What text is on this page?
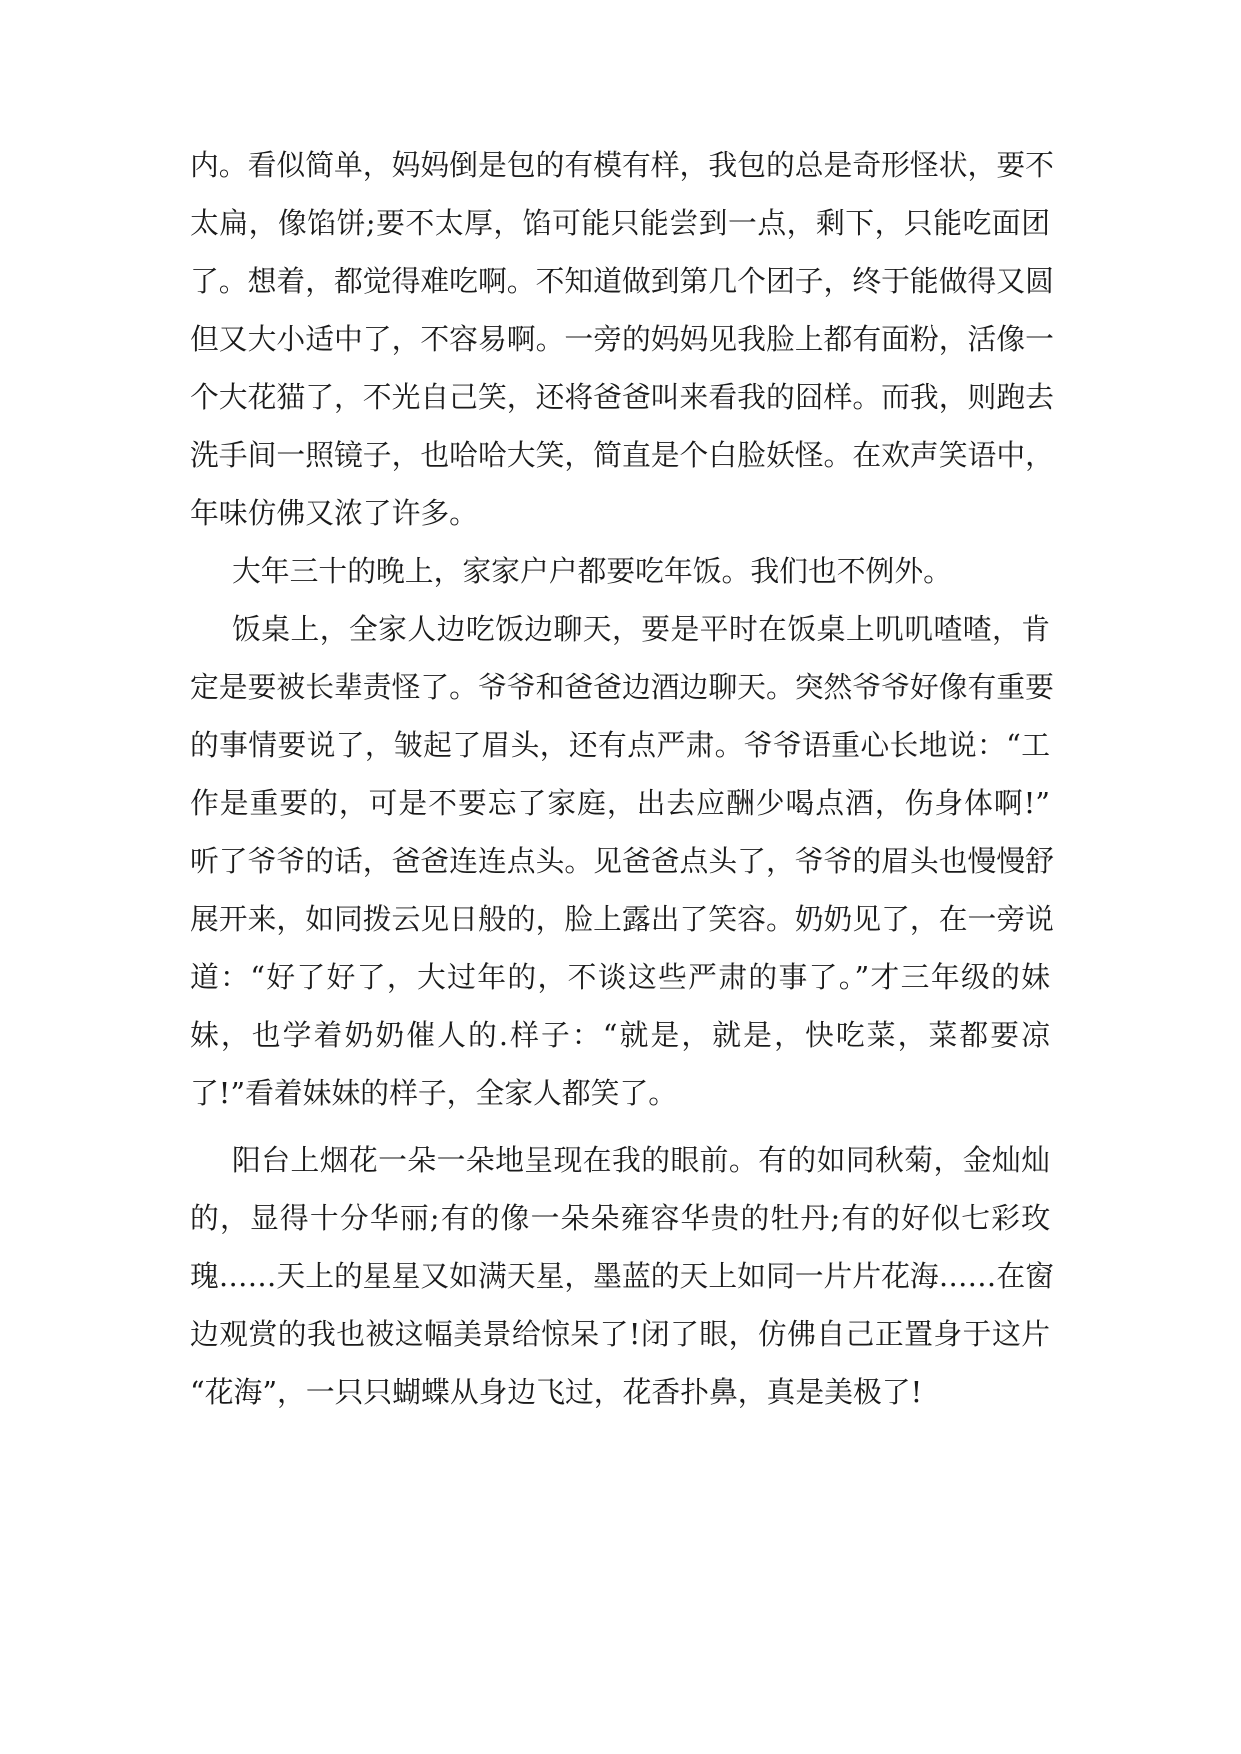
内。看似简单，妈妈倒是包的有模有样，我包的总是奇形怪状，要不
太扁，像馅饼;要不太厚，馅可能只能尝到一点，剩下，只能吃面团
了。想着，都觉得难吃啊。不知道做到第几个团子，终于能做得又圆
但又大小适中了，不容易啊。一旁的妈妈见我脸上都有面粉，活像一
个大花猫了，不光自己笑，还将爸爸叫来看我的囧样。而我，则跑去
洗手间一照镜子，也哈哈大笑，简直是个白脸妖怪。在欢声笑语中，
年味仿佛又浓了许多。
大年三十的晚上，家家户户都要吃年饭。我们也不例外。
饭桌上，全家人边吃饭边聊天，要是平时在饭桌上叽叽喳喳，肯
定是要被长辈责怪了。爷爷和爸爸边酒边聊天。突然爷爷好像有重要
的事情要说了，皱起了眉头，还有点严肃。爷爷语重心长地说：“工
作是重要的，可是不要忘了家庭，出去应酬少喝点酒，伤身体啊!”
听了爷爷的话，爸爸连连点头。见爸爸点头了，爷爷的眉头也慢慢舒
展开来，如同拨云见日般的，脸上露出了笑容。奶奶见了，在一旁说
道：“好了好了，大过年的，不谈这些严肃的事了。”才三年级的妹
妹，也学着奶奶催人的.样子：“就是，就是，快吃菜，菜都要凉
了!”看着妹妹的样子，全家人都笑了。
阳台上烟花一朵一朵地呈现在我的眼前。有的如同秋菊，金灿灿
的，显得十分华丽;有的像一朵朵雍容华贵的牡丹;有的好似七彩玫
瑰……天上的星星又如满天星，墨蓝的天上如同一片片花海……在窗
边观赏的我也被这幅美景给惊呆了!闭了眼，仿佛自己正置身于这片
“花海”，一只只蝴蝶从身边飞过，花香扑鼻，真是美极了!
